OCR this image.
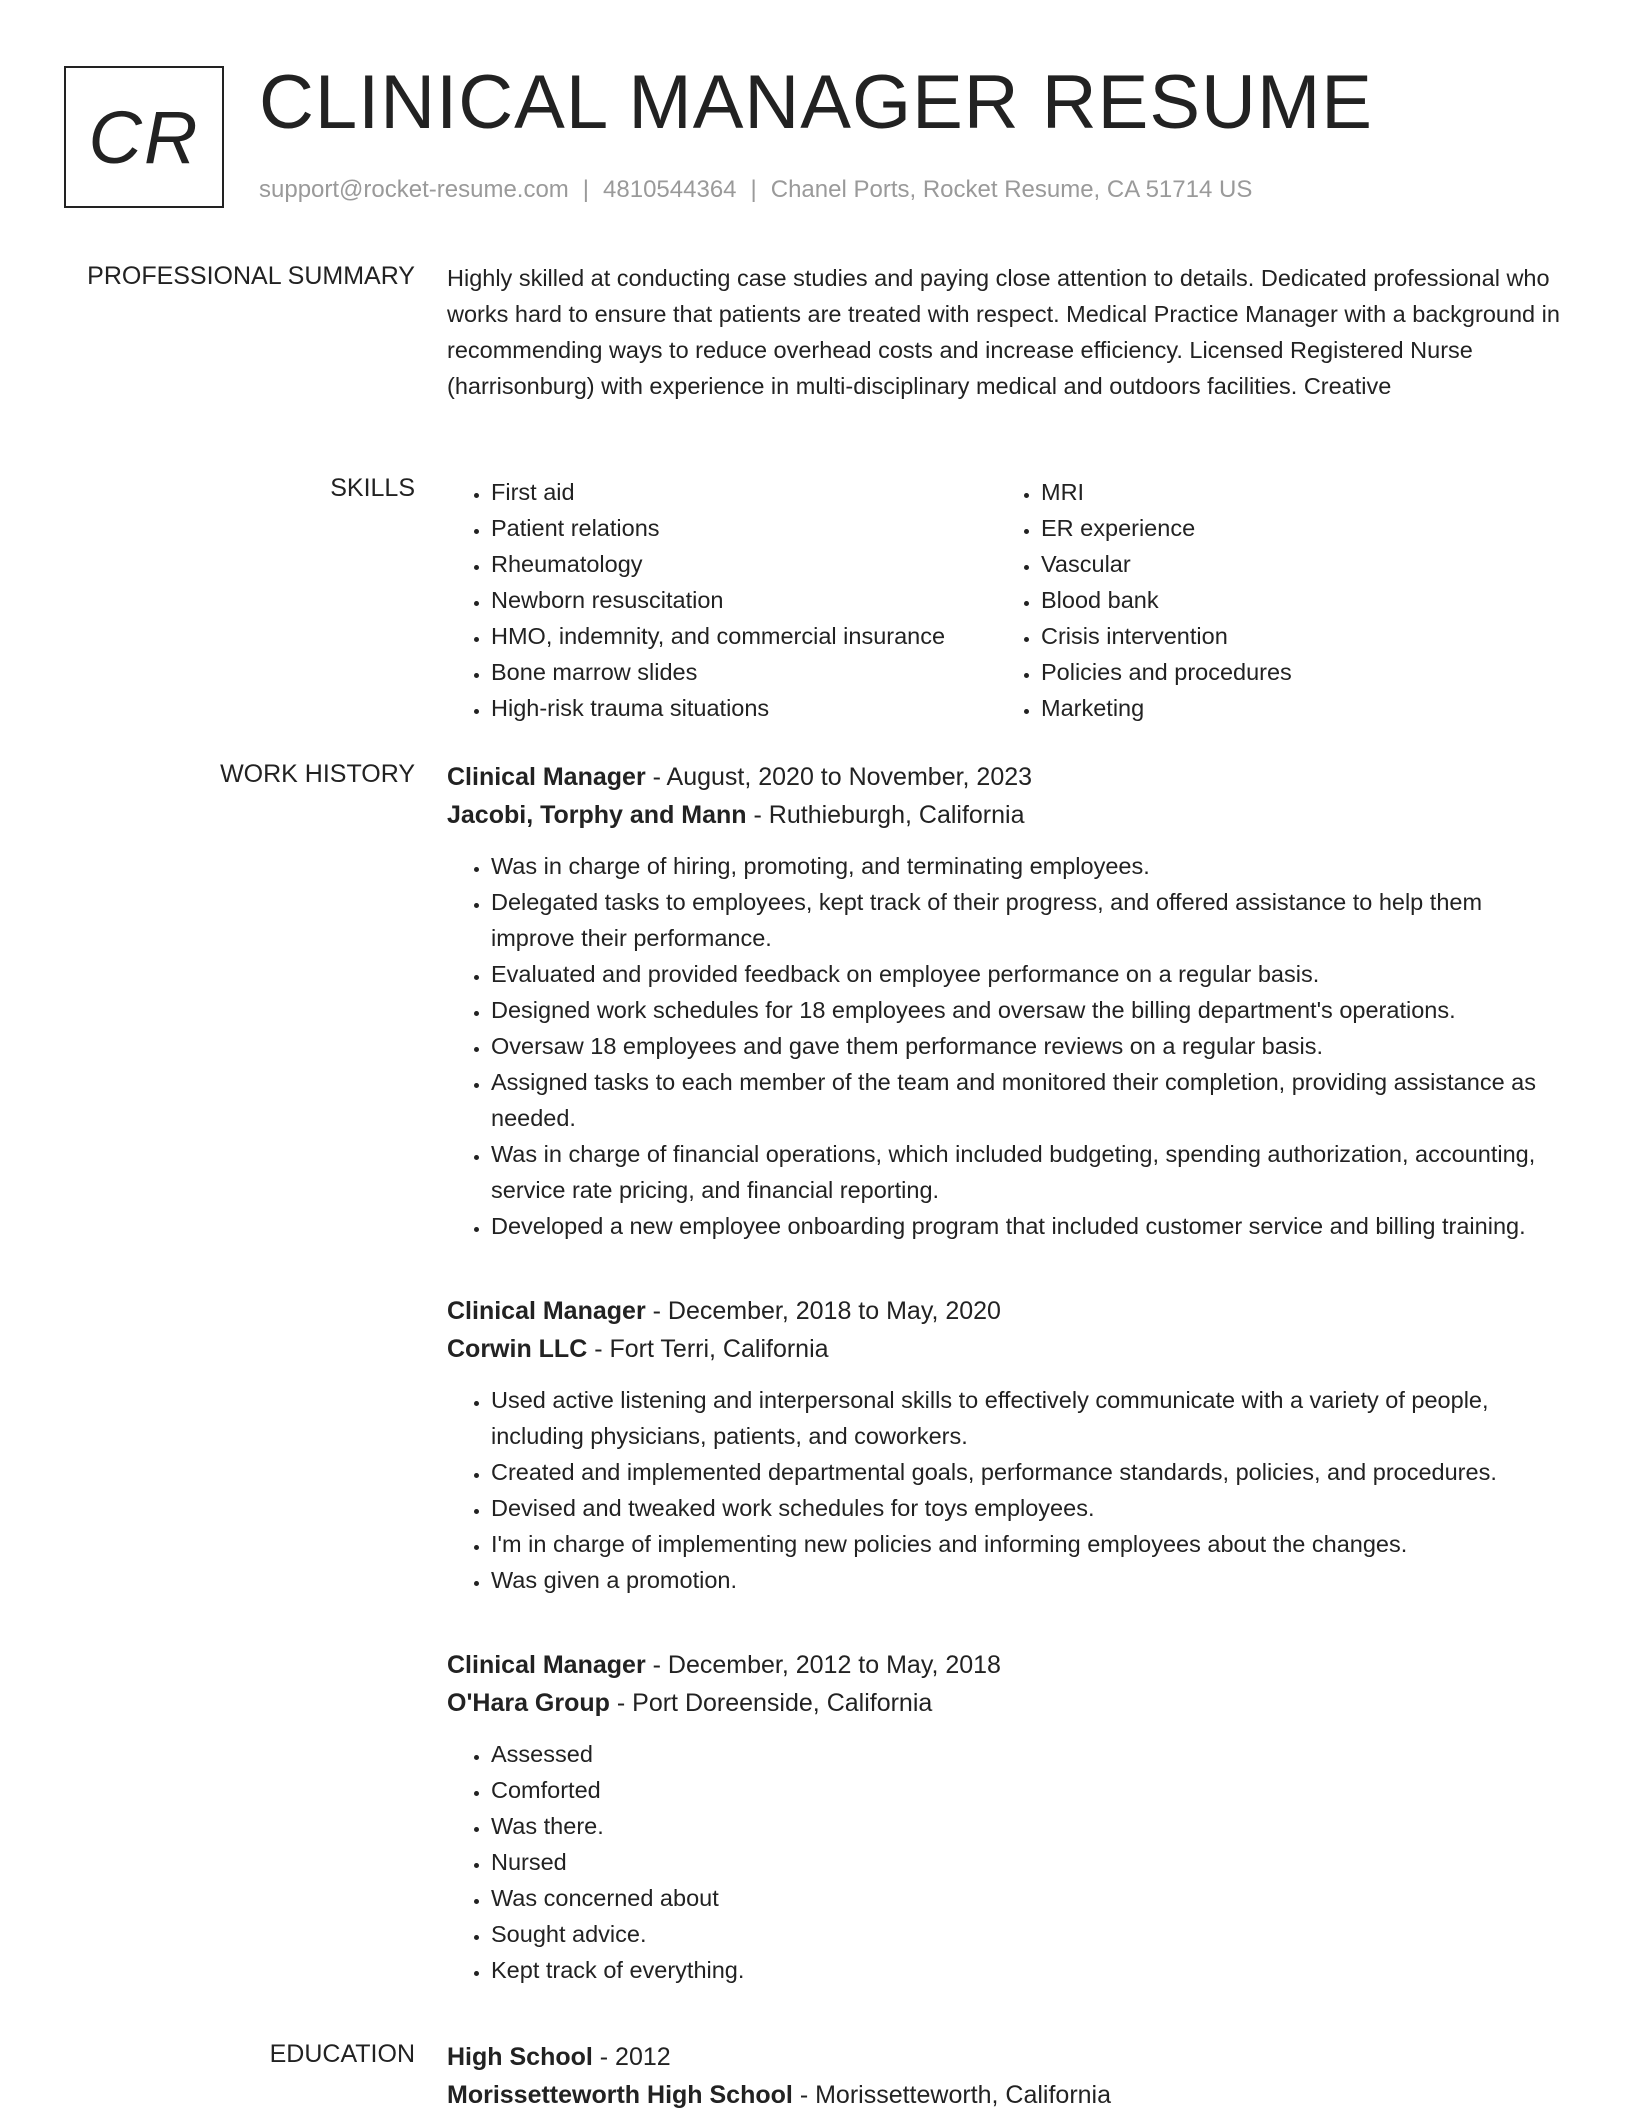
CR CLINICAL MANAGER RESUME
support@rocket-resume.com | 4810544364 | Chanel Ports, Rocket Resume, CA 51714 US
PROFESSIONAL SUMMARY Highly skilled at conducting case studies and paying close attention to details. Dedicated professional who works hard to ensure that patients are treated with respect. Medical Practice Manager with a background in recommending ways to reduce overhead costs and increase efficiency. Licensed Registered Nurse (harrisonburg) with experience in multi-disciplinary medical and outdoors facilities. Creative
SKILLS
•	First aid
• Patient relations
• Rheumatology
• Newborn resuscitation
• HMO, indemnity, and commercial insurance
• Bone marrow slides
• High-risk trauma situations
• MRI
• ER experience
• Vascular
• Blood bank
• Crisis intervention
• Policies and procedures
• Marketing
WORK HISTORY Clinical Manager - August, 2020 to November, 2023
Jacobi, Torphy and Mann - Ruthieburgh, California
• Was in charge of hiring, promoting, and terminating employees.
• Delegated tasks to employees, kept track of their progress, and offered assistance to help them improve their performance.
• Evaluated and provided feedback on employee performance on a regular basis.
• Designed work schedules for 18 employees and oversaw the billing department's operations.
• Oversaw 18 employees and gave them performance reviews on a regular basis.
• Assigned tasks to each member of the team and monitored their completion, providing assistance as needed.
• Was in charge of financial operations, which included budgeting, spending authorization, accounting, service rate pricing, and financial reporting.
• Developed a new employee onboarding program that included customer service and billing training.
Clinical Manager - December, 2018 to May, 2020
Corwin LLC - Fort Terri, California
• Used active listening and interpersonal skills to effectively communicate with a variety of people, including physicians, patients, and coworkers.
• Created and implemented departmental goals, performance standards, policies, and procedures.
• Devised and tweaked work schedules for toys employees.
• I'm in charge of implementing new policies and informing employees about the changes.
• Was given a promotion.
Clinical Manager - December, 2012 to May, 2018
O'Hara Group - Port Doreenside, California
• Assessed
• Comforted
• Was there.
• Nursed
• Was concerned about
• Sought advice.
• Kept track of everything.
EDUCATION High School - 2012
Morissetteworth High School - Morissetteworth, California
